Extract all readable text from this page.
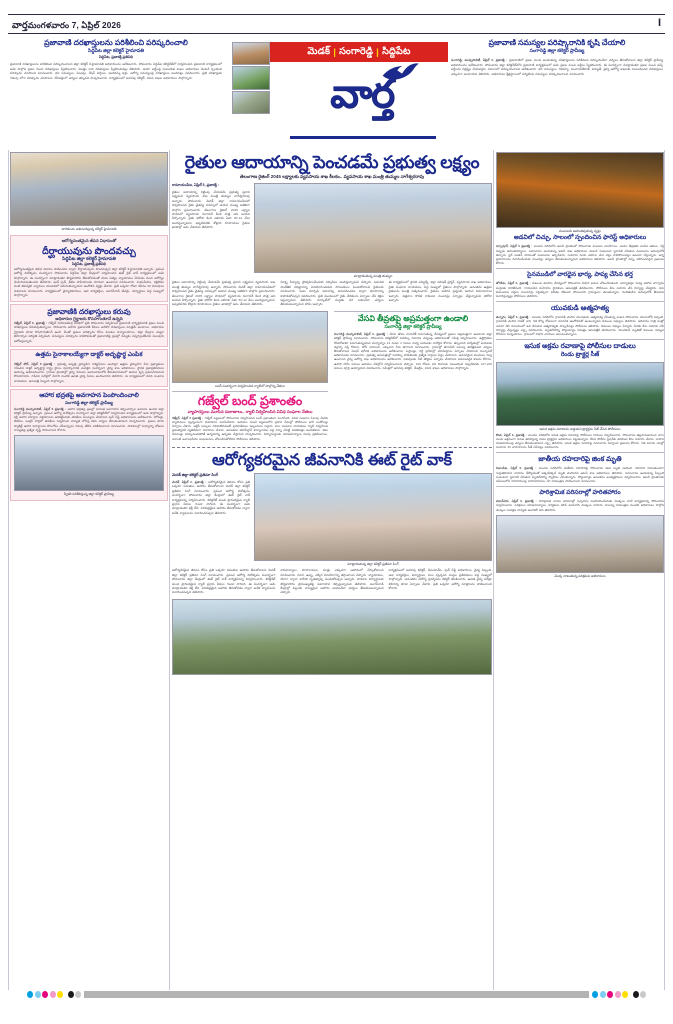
వార్తమంగళవారం 7, ఏప్రిల్ 2026	I
మెడక్ | సంగారెడ్డి | సిద్దిపేట
వార్త
ప్రజావాణి దరఖాస్తులను పరిశీలించి పరిష్కరించాలి
సిద్దిపేట జిల్లా కలెక్టర్ హైమావతి
సిద్దిపేట, ప్రజాశక్తి ప్రతినిధి
ప్రజావాణి దరఖాస్తులను పరిశీలించి పరిష్కరించాలని జిల్లా కలెక్టర్ కె.హైమావతి అధికారులను ఆదేశించారు. సోమవారం సిద్ధిపేట కలెక్టరేట్‌లో నిర్వహించిన ప్రజావాణి కార్యక్రమంలో ఆమె పాల్గొని ప్రజల నుంచి దరఖాస్తులు స్వీకరించారు. మొత్తం 236 దరఖాస్తులు స్వీకరించినట్లు తెలిపారు. ఆయా అర్జీలపై సంబంధిత శాఖల అధికారులు వెంటనే స్పందించి పరిష్కారం చూపాలని సూచించారు. భూ సమస్యలు, పింఛన్లు, రేషన్ కార్డులు, ఇందిరమ్మ ఇళ్లు, ఆరోగ్య సమస్యలపై దరఖాస్తులు అందినట్లు వివరించారు. ప్రతి దరఖాస్తుకు గడువు లోగా పరిష్కారం చూపాలని, లేనిపక్షంలో చర్యలు తప్పవని హెచ్చరించారు. కార్యక్రమంలో అదనపు కలెక్టర్, వివిధ శాఖల అధికారులు పాల్గొన్నారు.
ప్రజావాణి సమస్యల పరిష్కారానికి కృషి చేయాలి
సంగారెడ్డి జిల్లా కలెక్టర్ ప్రావీణ్య
సంగారెడ్డి, మున్సిపాలిటీ, ఏప్రిల్ 6, ప్రజాశక్తి : ప్రజావాణిలో ప్రజల నుంచి అందుతున్న దరఖాస్తులను పరిశీలించి పరిష్కరించేలా చర్యలు తీసుకోవాలని జిల్లా కలెక్టర్ ప్రావీణ్య అధికారులను ఆదేశించారు. సోమవారం జిల్లా కలెక్టరేట్‌లోని ప్రజావాణి కార్యక్రమంలో ఆమె ప్రజల నుంచి అర్జీలు స్వీకరించారు. ఈ సందర్భంగా మాట్లాడుతూ ప్రజల నుంచి వచ్చే అర్జీలను నిర్లక్ష్యం చేయవద్దని, సకాలంలో పరిష్కరించాలని ఆదేశించారు. భూ సమస్యలు, రెవెన్యూ, పంచాయతీరాజ్, విద్యుత్, వైద్య ఆరోగ్య శాఖలకు సంబంధించిన దరఖాస్తులు ఎక్కువగా అందాయని తెలిపారు. అధికారులు క్షేత్రస్థాయిలో పర్యటించి సమస్యలు పరిష్కరించాలని సూచించారు.
బాలికలను అభినందిస్తున్న కలెక్టర్ హైమావతి
ఆరోగ్యవంతమైన జీవన విధానంతో
దీర్ఘాయువును పొందవచ్చు
సిద్దిపేట జిల్లా కలెక్టర్ హైమావతి
సిద్దిపేట, ప్రజాశక్తి ప్రతినిధి
ఆరోగ్యవంతమైన జీవన విధానం పాటించడం ద్వారా దీర్ఘాయువును పొందవచ్చని జిల్లా కలెక్టర్ కె.హైమావతి అన్నారు. ప్రపంచ ఆరోగ్య దినోత్సవం సందర్భంగా సోమవారం సిద్దిపేట జిల్లా కేంద్రంలో నిర్వహించిన ఈట్ రైట్ వాక్ కార్యక్రమంలో ఆమె పాల్గొన్నారు. ఈ సందర్భంగా మాట్లాడుతూ పౌష్టికాహారం తీసుకోవడంతో పాటు నిత్యం వ్యాయామం చేయడం వలన ఆరోగ్యం మెరుగుపడుతుందని తెలిపారు. జంక్ ఫుడ్, శీతల పానీయాలకు దూరంగా ఉండాలని సూచించారు. మధుమేహం, రక్తపోటు వంటి జీవనశైలి వ్యాధులు యువతలో పెరుగుతున్నాయని ఆందోళన వ్యక్తం చేశారు. ప్రతి ఒక్కరూ రోజూ కనీసం 30 నిమిషాలు నడవాలని సూచించారు. కార్యక్రమంలో వైద్యాధికారులు, ఆశా కార్యకర్తలు, అంగన్‌వాడీ టీచర్లు, విద్యార్థులు పెద్ద సంఖ్యలో పాల్గొన్నారు.
ప్రజావాణికి దరఖాస్తులు కరువు
అధికారుల గైర్హాజరు కొనసాగుతూనే ఉన్నది
గజ్వేల్, ఏప్రిల్ 6, ప్రజాశక్తి : గజ్వేల్ నియోజకవర్గ పరిధిలో ప్రతి సోమవారం నిర్వహించే ప్రజావాణి కార్యక్రమానికి ప్రజల నుంచి దరఖాస్తులు కరువవుతున్నాయి. సోమవారం జరిగిన ప్రజావాణికి కేవలం అరకొర దరఖాస్తులు మాత్రమే అందాయి. అధికారుల గైర్హాజరు కూడా కొనసాగుతూనే ఉంది. దీంతో ప్రజలు పరిష్కారం కోసం మండల కార్యాలయాలు, జిల్లా కేంద్రాల చుట్టూ తిరగాల్సిన పరిస్థితి ఏర్పడింది. సమస్యలు పరిష్కారం కాకపోవడంతో ప్రజావాణిపై ప్రజల్లో నమ్మకం సన్నగిల్లుతోందని పలువురు ఆరోపిస్తున్నారు.
ఉత్తమ సైనాకాలయ్యేగా డాక్టర్ అదృష్టార్థ ఎంపిక
గజ్వేల్ టౌన్, ఏప్రిల్ 6 ప్రజాశక్తి : ప్రభుత్వ ఆస్పత్రి వైద్యుడిగా విశిష్టసేవలు అందిస్తూ ఉత్తమ వైద్యుడిగా పేరు ప్రఖ్యాతులు గడించిన డాక్టర్ అదృష్టార్థ రాష్ట్ర స్థాయి పురస్కారానికి ఎంపికైన సందర్భంగా వైద్య శాఖ అధికారులు, స్థానిక ప్రజాప్రతినిధులు ఆయన్ను అభినందించారు. గ్రామీణ ప్రాంతాల్లో వైద్య సేవలను అందుబాటులోకి తీసుకురావడంలో ఆయన కృషి ప్రశంసనీయమని కొనియాడారు. గడిచిన పదేళ్లలో వేలాది మందికి ఉచిత వైద్య సేవలు అందించారని తెలిపారు. ఈ కార్యక్రమంలో వివిధ సంఘాల నాయకులు, ఆసుపత్రి సిబ్బంది పాల్గొన్నారు.
ఆహార భద్రతపై అవగాహన పెంపొందించాలి
సంగారెడ్డి జిల్లా కలెక్టర్ ప్రావీణ్య
సంగారెడ్డి మున్సిపాలిటీ, ఏప్రిల్ 6 ప్రజాశక్తి : ఆహార భద్రతపై ప్రజల్లో మరింత అవగాహన కల్పించాల్సిన అవసరం ఉందని జిల్లా కలెక్టర్ ప్రావీణ్య అన్నారు. ప్రపంచ ఆరోగ్య దినోత్సవం సందర్భంగా జిల్లా కలెక్టరేట్‌లో నిర్వహించిన కార్యక్రమంలో ఆమె పాల్గొన్నారు. కల్తీ ఆహార పదార్థాల విక్రయాలను అరికట్టేందుకు తనిఖీలు ముమ్మరం చేయాలని ఫుడ్ సేఫ్టీ అధికారులను ఆదేశించారు. హోటళ్లు, బేకరీలు, ఫంక్షన్ హాళ్లలో తనిఖీలు నిర్వహించి నాణ్యత లోపిస్తే కఠిన చర్యలు తీసుకుంటామని హెచ్చరించారు. ప్రజలు కూడా ప్యాకేజ్డ్ ఆహార పదార్థాలను కొనుగోలు చేసేటప్పుడు గడువు తేదీని పరిశీలించాలని సూచించారు. పాఠశాలల్లో మధ్యాహ్న భోజనం నాణ్యతపై ప్రత్యేక దృష్టి సారించాలని కోరారు.
స్వీకరి పరిశీలిస్తున్న జిల్లా కలెక్టర్ ప్రావీణ్య
రైతుల ఆదాయాన్ని పెంచడమే ప్రభుత్వ లక్ష్యం
తెలంగాణ రైజింగ్ 2045 లక్ష్యాలకు వ్యవసాయ శాఖ కీలకం.. వ్యవసాయ శాఖ మంత్రి తుమ్మల నాగేశ్వరరావు
రామాయంపేట, ఏప్రిల్ 6, ప్రజాశక్తి :
రైతుల ఆదాయాన్ని రెట్టింపు చేయడమే ప్రభుత్వ ప్రధాన లక్ష్యమని వ్యవసాయ శాఖ మంత్రి తుమ్మల నాగేశ్వరరావు అన్నారు. సోమవారం మెదక్ జిల్లా రామాయంపేటలో నిర్వహించిన రైతు చైతన్య సదస్సులో ఆయన ముఖ్య అతిథిగా పాల్గొని ప్రసంగించారు. తెలంగాణ రైజింగ్ 2045 లక్ష్యాల సాధనలో వ్యవసాయ రంగానిదే కీలక పాత్ర అని ఆయన పేర్కొన్నారు. రైతు భరోసా కింద ఎకరాకు ఏటా రూ.12 వేలు అందిస్తున్నామని, ఇప్పటివరకు కోట్లాది రూపాయలు రైతుల ఖాతాల్లో జమ చేశామని తెలిపారు.
మాట్లాడుతున్న మంత్రి తుమ్మల
రైతుల ఆదాయాన్ని రెట్టింపు చేయడమే ప్రభుత్వ ప్రధాన లక్ష్యమని వ్యవసాయ శాఖ మంత్రి తుమ్మల నాగేశ్వరరావు అన్నారు. సోమవారం మెదక్ జిల్లా రామాయంపేటలో నిర్వహించిన రైతు చైతన్య సదస్సులో ఆయన ముఖ్య అతిథిగా పాల్గొని ప్రసంగించారు. తెలంగాణ రైజింగ్ 2045 లక్ష్యాల సాధనలో వ్యవసాయ రంగానిదే కీలక పాత్ర అని ఆయన పేర్కొన్నారు. రైతు భరోసా కింద ఎకరాకు ఏటా రూ.12 వేలు అందిస్తున్నామని, ఇప్పటివరకు కోట్లాది రూపాయలు రైతుల ఖాతాల్లో జమ చేశామని తెలిపారు.
సూక్ష్మ సేద్యాన్ని ప్రోత్సహించేందుకు సబ్సిడీలు అందిస్తున్నామని చెప్పారు. ఆధునిక సాంకేతిక పరిజ్ఞానాన్ని వినియోగించుకుని దిగుబడులు పెంచుకోవాలని రైతులకు సూచించారు. పంట మార్పిడి విధానాన్ని అనుసరించడం ద్వారా భూసారాన్ని కాపాడుకోవచ్చని వివరించారు. ప్రతి మండలంలో రైతు వేదికలను ఏర్పాటు చేసి శిక్షణ ఇస్తున్నామని తెలిపారు. మార్కెట్‌లో మద్దతు ధర లభించేలా చర్యలు తీసుకుంటున్నామని హామీ ఇచ్చారు.
ఈ కార్యక్రమంలో స్థానిక ఎమ్మెల్యే, జిల్లా పరిషత్ చైర్మన్, వ్యవసాయ శాఖ అధికారులు, రైతు సంఘాల నాయకులు, పెద్ద సంఖ్యలో రైతులు పాల్గొన్నారు. అనంతరం ఉత్తమ రైతులను మంత్రి సత్కరించారు. రైతులు అడిగిన ప్రశ్నలకు ఆయన సమాధానాలు ఇచ్చారు. విత్తనాల కొరత రాకుండా ముందస్తు ఏర్పాట్లు చేస్తున్నామని భరోసా ఇచ్చారు.
బంద్ సందర్భంగా నిర్వహించిన ర్యాలీలో పాల్గొన్న నేతలు
గజ్వేల్ బంద్ ప్రశాంతం
వ్యాపారస్తులు మూసిన దుకాణాలు.. ర్యాలీ నిర్వహించిన వివిధ సంఘాల నేతలు
గజ్వేల్, ఏప్రిల్ 6 ప్రజాశక్తి : గజ్వేల్ పట్టణంలో సోమవారం నిర్వహించిన బంద్ ప్రశాంతంగా ముగిసింది. వివిధ సంఘాల పిలుపు మేరకు వ్యాపారులు స్వచ్ఛందంగా దుకాణాలు మూసివేశారు. ఉదయం నుంచే పట్టణంలోని ప్రధాన వీధుల్లో పోలీసులు భారీ బందోబస్తు ఏర్పాటు చేశారు. ఆర్టీసీ బస్సులు నిలిచిపోవడంతో ప్రయాణికులు ఇబ్బందులు పడ్డారు. పలు సంఘాల నాయకులు ర్యాలీ నిర్వహించి ప్రభుత్వానికి వ్యతిరేకంగా నినాదాలు చేశారు. అనంతరం తహసీల్దార్ కార్యాలయం వద్ద ధర్నా చేపట్టి వినతిపత్రం అందజేశారు. తమ డిమాండ్లు పరిష్కరించకపోతే ఉద్యమాన్ని ఉధృతం చేస్తామని హెచ్చరించారు. విద్యాసంస్థలకు యాజమాన్యాలు సెలవు ప్రకటించాయి. ఎలాంటి అవాంఛనీయ సంఘటనలు చోటుచేసుకోలేదని పోలీసులు తెలిపారు.
వేసవి తీవ్రతపై అప్రమత్తంగా ఉండాలి
సంగారెడ్డి జిల్లా కలెక్టర్ ప్రావీణ్య
సంగారెడ్డి మున్సిపాలిటీ, ఏప్రిల్ 6, ప్రజాశక్తి : వేసవి తాపం నానాటికీ పెరుగుతున్న నేపథ్యంలో ప్రజలు అప్రమత్తంగా ఉండాలని జిల్లా కలెక్టర్ ప్రావీణ్య సూచించారు. సోమవారం కలెక్టరేట్‌లో వడదెబ్బ నివారణ చర్యలపై అధికారులతో సమీక్ష నిర్వహించారు. ఉష్ణోగ్రతలు రోజురోజుకూ పెరుగుతున్నందున మధ్యాహ్నం 12 నుంచి 4 గంటల మధ్య బయటకు రావొద్దని కోరారు. తప్పనిసరి పరిస్థితుల్లో బయటకు వెళ్లాల్సి వస్తే గొడుగు, టోపీ వాడాలని, ఎక్కువగా నీరు తాగాలని సూచించారు. గ్రామాల్లో తాగునీటి సమస్య తలెత్తకుండా చర్యలు తీసుకోవాలని మిషన్ భగీరథ అధికారులను ఆదేశించారు. బస్టాండ్లు, రద్దీ ప్రదేశాల్లో చలివేంద్రాలు ఏర్పాటు చేయాలని మున్సిపల్ అధికారులకు సూచించారు. ప్రభుత్వ ఆసుపత్రుల్లో వడదెబ్బ బాధితులకు ప్రత్యేక వార్డులు సిద్ధం చేయాలని, అవసరమైన మందులు నిల్వ ఉంచాలని వైద్య ఆరోగ్య శాఖ అధికారులను ఆదేశించారు. పశువులకు నీటి తొట్టెలు ఏర్పాటు చేయాలని పశుసంవర్ధక శాఖను కోరారు. ఉపాధి హామీ పనులు ఉదయం వేళల్లోనే నిర్వహించాలని చెప్పారు. 100 రోజుల పని దినాలకు సంబంధించి ఇప్పటివరకు 107-200 పనులు పూర్తి అయ్యాయని వివరించారు. సమీక్షలో అదనపు కలెక్టర్, డీఆర్డీఓ, వివిధ శాఖల అధికారులు పాల్గొన్నారు.
ఆరోగ్యకరమైన జీవనానికి ఈట్ రైట్ వాక్
మెదక్ జిల్లా కలెక్టర్ ప్రతిమా సింగ్
మెదక్, ఏప్రిల్ 6, ప్రజాశక్తి : ఆరోగ్యకరమైన జీవనం కోసం ప్రతి ఒక్కరూ సమతుల ఆహారం తీసుకోవాలని మెదక్ జిల్లా కలెక్టర్ ప్రతిమా సింగ్ సూచించారు. ప్రపంచ ఆరోగ్య దినోత్సవం సందర్భంగా సోమవారం జిల్లా కేంద్రంలో ఈట్ రైట్ వాక్ కార్యక్రమాన్ని నిర్వహించారు. కలెక్టరేట్ నుంచి ప్రారంభమైన ర్యాలీ ప్రధాన వీధుల గుండా సాగింది. ఈ సందర్భంగా ఆమె మాట్లాడుతూ కల్తీ లేని, పరిశుభ్రమైన ఆహారం తీసుకోవడం ద్వారా అనేక వ్యాధులను నివారించవచ్చని తెలిపారు.
మాట్లాడుతున్న జిల్లా కలెక్టర్ ప్రతిమా సింగ్
ఆరోగ్యకరమైన జీవనం కోసం ప్రతి ఒక్కరూ సమతుల ఆహారం తీసుకోవాలని మెదక్ జిల్లా కలెక్టర్ ప్రతిమా సింగ్ సూచించారు. ప్రపంచ ఆరోగ్య దినోత్సవం సందర్భంగా సోమవారం జిల్లా కేంద్రంలో ఈట్ రైట్ వాక్ కార్యక్రమాన్ని నిర్వహించారు. కలెక్టరేట్ నుంచి ప్రారంభమైన ర్యాలీ ప్రధాన వీధుల గుండా సాగింది. ఈ సందర్భంగా ఆమె మాట్లాడుతూ కల్తీ లేని, పరిశుభ్రమైన ఆహారం తీసుకోవడం ద్వారా అనేక వ్యాధులను నివారించవచ్చని తెలిపారు.
చిరుధాన్యాలు, కూరగాయలు, పండ్లు ఎక్కువగా ఆహారంలో చేర్చుకోవాలని సూచించారు. నూనె, ఉప్పు, చక్కెర వినియోగాన్ని తగ్గించాలని చెప్పారు. వ్యాయామం, యోగా ద్వారా శారీరక దృఢత్వాన్ని పెంచుకోవచ్చని అన్నారు. పాఠశాల విద్యార్థులకు పౌష్టికాహారం ప్రాముఖ్యతపై అవగాహన కల్పిస్తున్నామని తెలిపారు. అంగన్‌వాడీ కేంద్రాల్లో పిల్లలకు నాణ్యమైన ఆహారం అందించేలా చర్యలు తీసుకుంటున్నామని చెప్పారు.
కార్యక్రమంలో అదనపు కలెక్టర్, డీఎంహెచ్ఓ, ఫుడ్ సేఫ్టీ అధికారులు, వైద్య సిబ్బంది, ఆశా కార్యకర్తలు, విద్యార్థులు, పలు స్వచ్ఛంద సంస్థల ప్రతినిధులు పెద్ద సంఖ్యలో పాల్గొన్నారు. అనంతరం ఆరోగ్య ప్రదర్శనను కలెక్టర్ తిలకించారు. ఉచిత వైద్య పరీక్షల శిబిరాన్ని కూడా ఏర్పాటు చేశారు. ప్రతి ఒక్కరూ ఆరోగ్య సూత్రాలను పాటించాలని కోరారు.
మంటలకు ఆహుతవుతున్న వృక్షం
అడవిలో చిచ్చు, సాలంలో స్పందించిన ఫారెస్ట్ అధికారులు
నర్సాపూర్, ఏప్రిల్ 6 ప్రజాశక్తి : మండల పరిధిలోని అటవీ ప్రాంతంలో సోమవారం మంటలు చెలరేగాయి. ఎండల తీవ్రతకు ఎండిన ఆకులు, గడ్డి నిప్పుకు ఆహుతయ్యాయి. సమాచారం అందుకున్న అటవీ శాఖ అధికారులు వెంటనే సంఘటనా స్థలానికి చేరుకుని మంటలను అదుపులోకి తెచ్చారు. ఫైర్ ఇంజిన్ సాయంతో మంటలను ఆర్పివేశారు. సుమారు రెండు ఎకరాల మేర చెట్లు కాలిపోయినట్లు అంచనా వేస్తున్నారు. అగ్ని ప్రమాదాలను నివారించేందుకు ముందస్తు చర్యలు తీసుకుంటున్నామని అధికారులు తెలిపారు. అటవీ ప్రాంతాల్లో నిప్పు వెలిగించవద్దని ప్రజలను కోరారు.
సైనముడిలో వారధైన భార్య, పాప్య చేసిన భర్త
జోగిపేట, ఏప్రిల్ 6, ప్రజాశక్తి : కుటుంబ కలహాల నేపథ్యంలో సోమవారం విషాద ఘటన చోటుచేసుకుంది. భార్యాభర్తల మధ్య జరిగిన వాగ్వాదం ఘర్షణకు దారితీసింది. గాయపడిన మహిళను స్థానికులు ఆసుపత్రికి తరలించారు. పోలీసులు కేసు నమోదు చేసి దర్యాప్తు చేపట్టారు. ఇరు కుటుంబాల పెద్దలు పలుమార్లు సర్దిచెప్పినా ఫలితం లేకుండా పోయిందని గ్రామస్తులు చెబుతున్నారు. నిందితుడిని అదుపులోకి తీసుకుని విచారిస్తున్నట్లు పోలీసులు తెలిపారు.
యువకుడి ఆత్మహత్య
జిన్నారం, ఏప్రిల్ 6, ప్రజాశక్తి : మండల పరిధిలోని గ్రామానికి చెందిన యువకుడు ఆత్మహత్య చేసుకున్న ఘటన సోమవారం వెలుగులోకి వచ్చింది. గ్రామానికి చెందిన రాజేశ్ (24) గత కొన్ని రోజులుగా మానసిక ఆందోళనతో ఉంటున్నాడని కుటుంబ సభ్యులు తెలిపారు. ఆదివారం రాత్రి ఇంట్లో ఎవరూ లేని సమయంలో ఉరి వేసుకుని ఆత్మహత్యకు పాల్పడినట్లు పోలీసులు తెలిపారు. కుటుంబ సభ్యుల ఫిర్యాదు మేరకు కేసు నమోదు చేసి దర్యాప్తు చేస్తున్నట్లు ఎస్సై వివరించారు. మృతదేహాన్ని పోస్టుమార్టం నిమిత్తం ఆసుపత్రికి తరలించారు. యువకుడి మృతితో కుటుంబ సభ్యుల రోదనలు మిన్నంటాయి. గ్రామంలో విషాద ఛాయలు అలుముకున్నాయి.
ఇసుక అక్రమ రవాణాపై పోలీసుల దాడులు
రెండు ట్రాక్టర్ల సీజ్
ఇసుక ఆక్రమ రవాణాను అడ్డుకుని ట్రాక్టర్లను సీజ్ చేసిన పోలీసులు
కొండ, ఏప్రిల్ 6, ప్రజాశక్తి : మండల పరిధిలోని ఇసుక అక్రమ రవాణాపై పోలీసులు దాడులు నిర్వహించారు. సోమవారం తెల్లవారుజామున వాగు నుంచి అక్రమంగా ఇసుక తరలిస్తున్న రెండు ట్రాక్టర్లను అధికారులు పట్టుకున్నారు. కొండ పోలీసు స్టేషన్‌కు తరలించి కేసు నమోదు చేశారు. వాహన యజమానులపై చర్యలు తీసుకుంటామని ఎస్సై తెలిపారు. ఇసుక అక్రమ రవాణాపై సమాచారం ఇవ్వాలని ప్రజలను కోరారు. గత మూడు నెలల్లో సుమారు 30 వాహనాలను సీజ్ చేసినట్లు వివరించారు.
జాతీయ రహదారిపై జింక మృతి
నిజాంపేట, ఏప్రిల్ 6, ప్రజాశక్తి : మండల పరిధిలోని జాతీయ రహదారిపై సోమవారం జింక మృతి చెందింది. రహదారి దాటుతుండగా గుర్తుతెలియని వాహనం ఢీకొట్టడంతో అక్కడికక్కడే మృతి చెందిందని అటవీ శాఖ అధికారులు తెలిపారు. సమాచారం అందుకున్న సిబ్బంది సంఘటనా స్థలానికి చేరుకుని మృతదేహాన్ని స్వాధీనం చేసుకున్నారు. పోస్టుమార్టం అనంతరం అంత్యక్రియలు నిర్వహించారు. అటవీ ప్రాంతాలకు సమీపంలోని రహదారులపై వాహనదారులు వేగ నియంత్రణ పాటించాలని సూచించారు.
పారిశ్రామిక పరిసరాల్లో హరితహారం
పటాన్‌చెరు, ఏప్రిల్ 6, ప్రజాశక్తి : పారిశ్రామిక వాడల పరిసరాల్లో పచ్చదనం పెంపొందించేందుకు మొక్కలు నాటే కార్యక్రమాన్ని సోమవారం నిర్వహించారు. పరిశ్రమల యాజమాన్యాలు, కార్మికులు కలిసి వందలాది మొక్కలు నాటారు. కాలుష్య నియంత్రణ మండలి అధికారులు పాల్గొని మొక్కల సంరక్షణ బాధ్యత అందరిదీ అని తెలిపారు.
మొక్క నాటుతున్న పరిశ్రమల అధికారులు
